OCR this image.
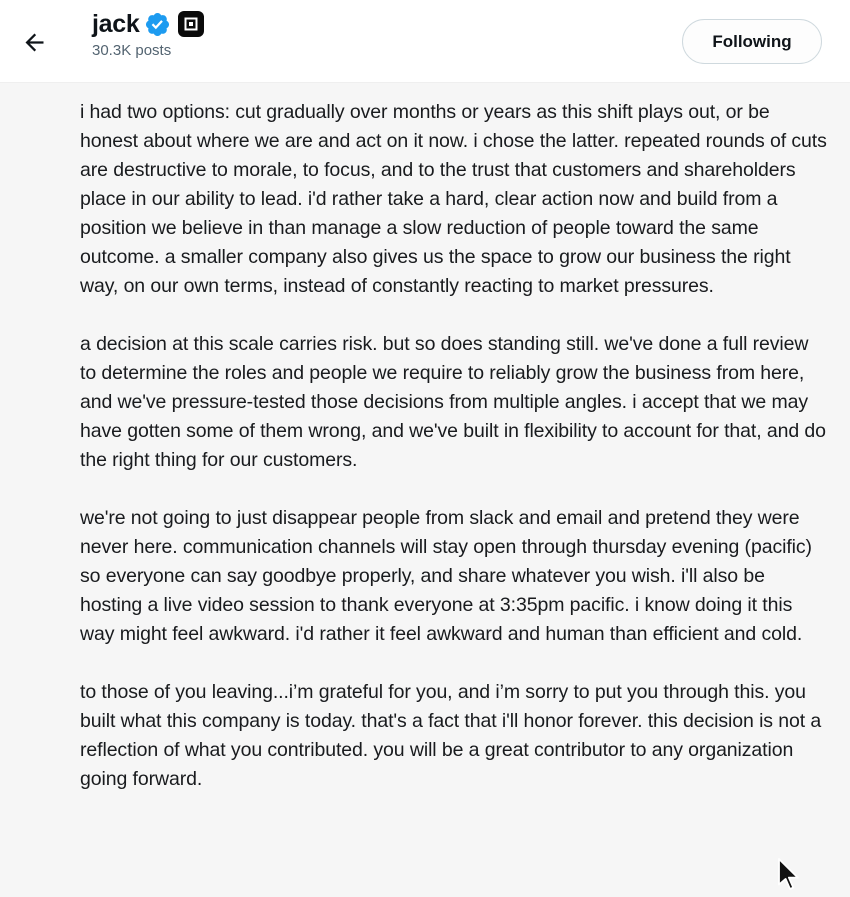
jack
30.3K posts	Following

i had two options: cut gradually over months or years as this shift plays out, or be honest about where we are and act on it now. i chose the latter. repeated rounds of cuts are destructive to morale, to focus, and to the trust that customers and shareholders place in our ability to lead. i'd rather take a hard, clear action now and build from a position we believe in than manage a slow reduction of people toward the same outcome. a smaller company also gives us the space to grow our business the right way, on our own terms, instead of constantly reacting to market pressures.

a decision at this scale carries risk. but so does standing still. we've done a full review to determine the roles and people we require to reliably grow the business from here, and we've pressure-tested those decisions from multiple angles. i accept that we may have gotten some of them wrong, and we've built in flexibility to account for that, and do the right thing for our customers.

we're not going to just disappear people from slack and email and pretend they were never here. communication channels will stay open through thursday evening (pacific) so everyone can say goodbye properly, and share whatever you wish. i'll also be hosting a live video session to thank everyone at 3:35pm pacific. i know doing it this way might feel awkward. i'd rather it feel awkward and human than efficient and cold.

to those of you leaving...i’m grateful for you, and i’m sorry to put you through this. you built what this company is today. that's a fact that i'll honor forever. this decision is not a reflection of what you contributed. you will be a great contributor to any organization going forward.
